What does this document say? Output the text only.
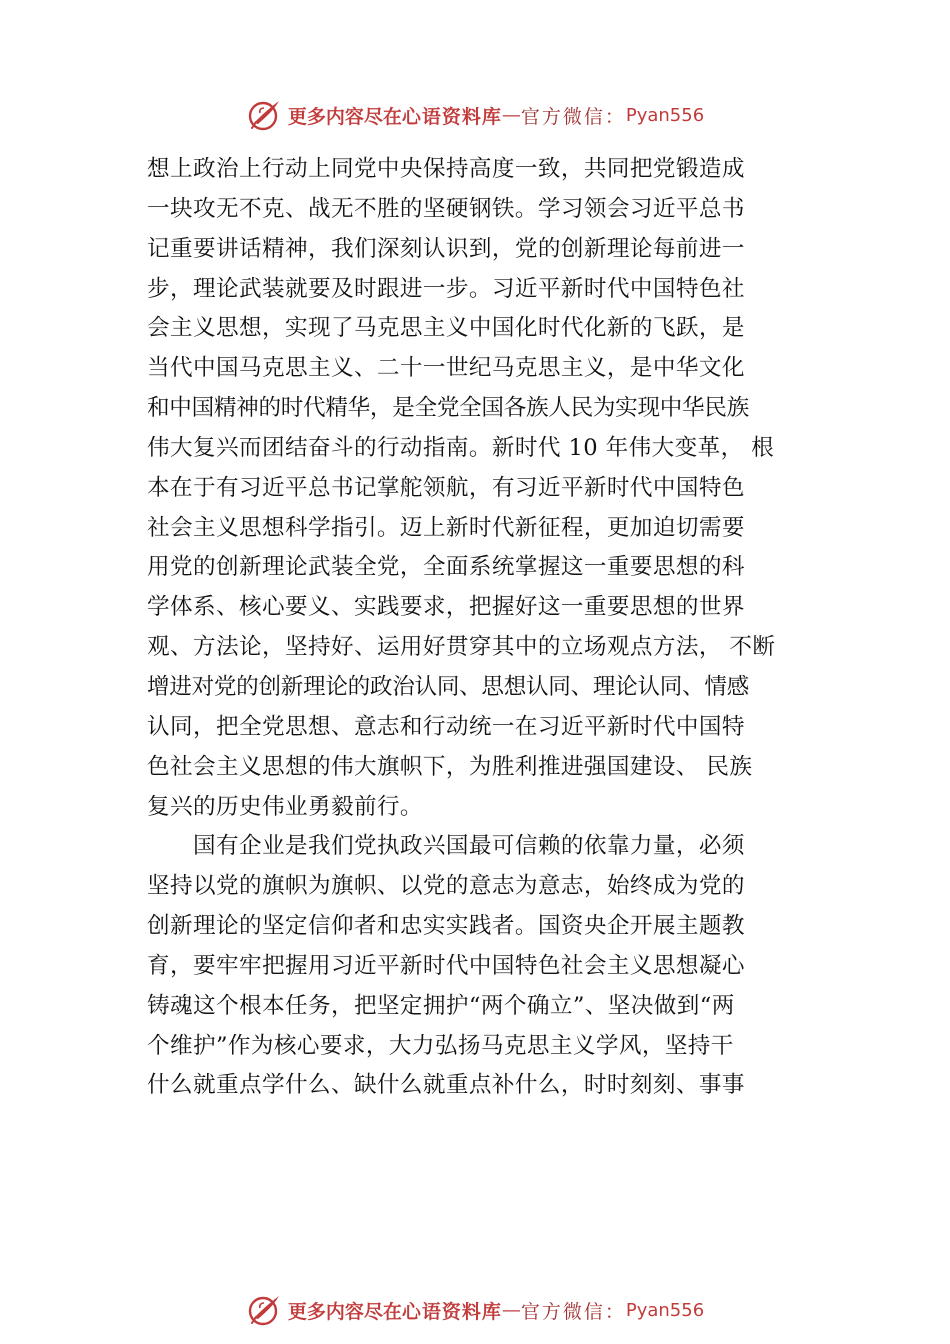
更多内容尽在 心语资料库 — 官方微信： Pyan556
想上政治上行动上同党中央保持高度一致，共同把党锻造成
一块攻无不克、战无不胜的坚硬钢铁。学习领会习近平总书
记重要讲话精神，我们深刻认识到，党的创新理论每前进一
步，理论武装就要及时跟进一步。习近平新时代中国特色社
会主义思想，实现了马克思主义中国化时代化新的飞跃，是
当代中国马克思主义、二十一世纪马克思主义，是中华文化
和中国精神的时代精华，是全党全国各族人民为实现中华民族
伟大复兴而团结奋斗的行动指南。新时代 10 年伟大变革， 根
本在于有习近平总书记掌舵领航，有习近平新时代中国特色
社会主义思想科学指引。迈上新时代新征程，更加迫切需要
用党的创新理论武装全党，全面系统掌握这一重要思想的科
学体系、核心要义、实践要求，把握好这一重要思想的世界
观、方法论，坚持好、运用好贯穿其中的立场观点方法， 不断
增进对党的创新理论的政治认同、思想认同、理论认同、情感
认同，把全党思想、意志和行动统一在习近平新时代中国特
色社会主义思想的伟大旗帜下，为胜利推进强国建设、 民族
复兴的历史伟业勇毅前行。
国有企业是我们党执政兴国最可信赖的依靠力量，必须
坚持以党的旗帜为旗帜、以党的意志为意志，始终成为党的
创新理论的坚定信仰者和忠实实践者。国资央企开展主题教
育，要牢牢把握用习近平新时代中国特色社会主义思想凝心
铸魂这个根本任务，把坚定拥护“两个确立”、坚决做到“两
个维护”作为核心要求，大力弘扬马克思主义学风，坚持干
什么就重点学什么、缺什么就重点补什么，时时刻刻、事事
更多内容尽在 心语资料库 — 官方微信： Pyan556
